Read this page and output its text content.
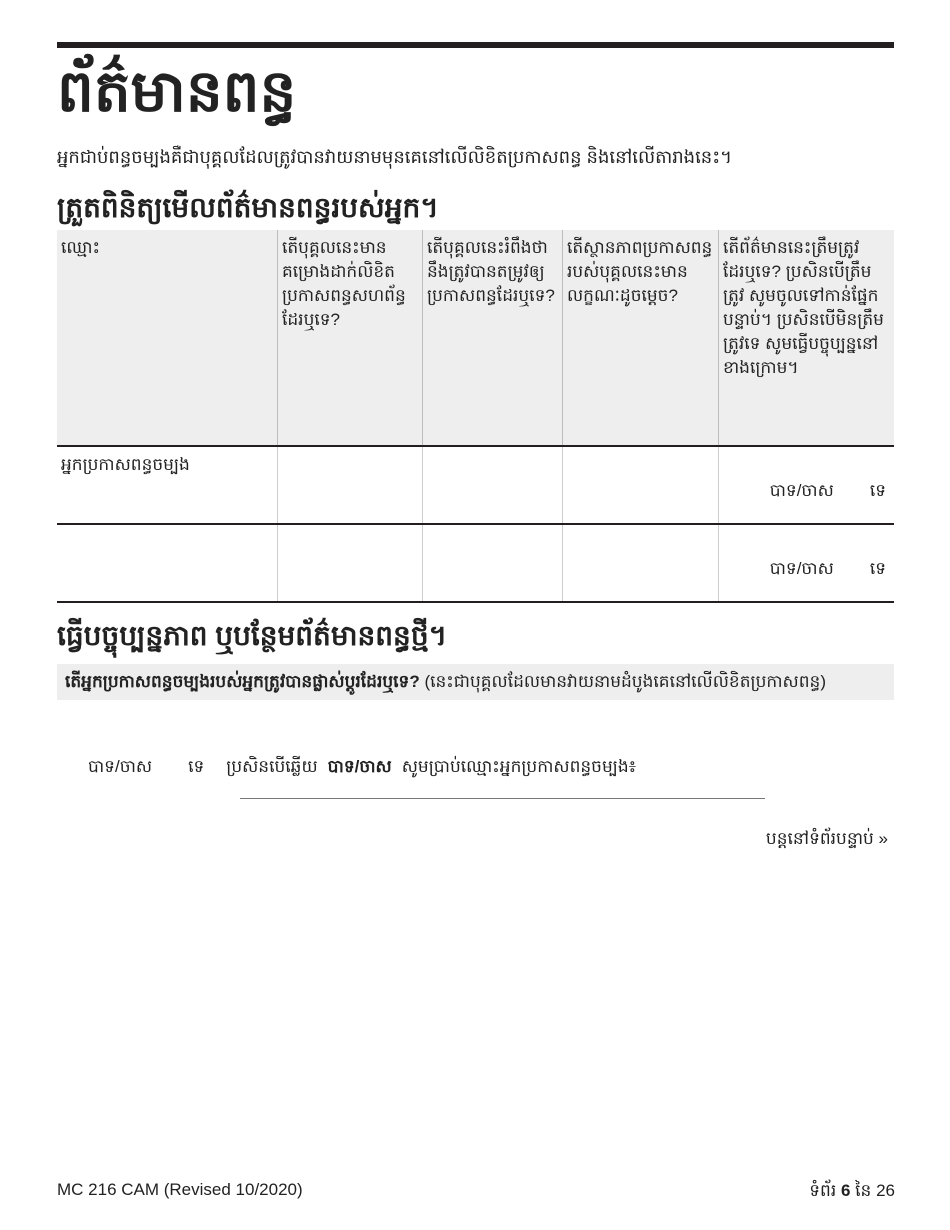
ព័ត៌មានពន្ធ
អ្នកជាប់ពន្ធចម្បងគឺជាបុគ្គលដែលត្រូវបានវាយនាមមុនគេនៅលើលិខិតប្រកាសពន្ធ និងនៅលើតារាងនេះ។
ត្រួតពិនិត្យមើលព័ត៌មានពន្ធរបស់អ្នក។
ឈ្មោះ	តើបុគ្គលនេះមានគម្រោងដាក់លិខិតប្រកាសពន្ធសហព័ន្ធដែរឬទេ?	តើបុគ្គលនេះរំពឹងថានឹងត្រូវបានតម្រូវឲ្យប្រកាសពន្ធដែរឬទេ?	តើស្ថានភាពប្រកាសពន្ធរបស់បុគ្គលនេះមានលក្ខណៈដូចម្ដេច?	តើព័ត៌មាននេះត្រឹមត្រូវដែរឬទេ? ប្រសិនបើត្រឹមត្រូវ សូមចូលទៅកាន់ផ្នែកបន្ទាប់។ ប្រសិនបើមិនត្រឹមត្រូវទេ សូមធ្វើបច្ចុប្បន្ននៅខាងក្រោម។
អ្នកប្រកាសពន្ធចម្បង				បាទ/ចាស ទេ

				បាទ/ចាស ទេ
ធ្វើបច្ចុប្បន្នភាព ឬបន្ថែមព័ត៌មានពន្ធថ្មី។
តើអ្នកប្រកាសពន្ធចម្បងរបស់អ្នកត្រូវបានផ្លាស់ប្ដូរដែរឬទេ? (នេះជាបុគ្គលដែលមានវាយនាមដំបូងគេនៅលើលិខិតប្រកាសពន្ធ)
បាទ/ចាស ទេ ប្រសិនបើឆ្លើយ បាទ/ចាស សូមប្រាប់ឈ្មោះអ្នកប្រកាសពន្ធចម្បង៖
បន្តនៅទំព័របន្ទាប់ »
MC 216 CAM (Revised 10/2020)	ទំព័រ 6 នៃ 26
